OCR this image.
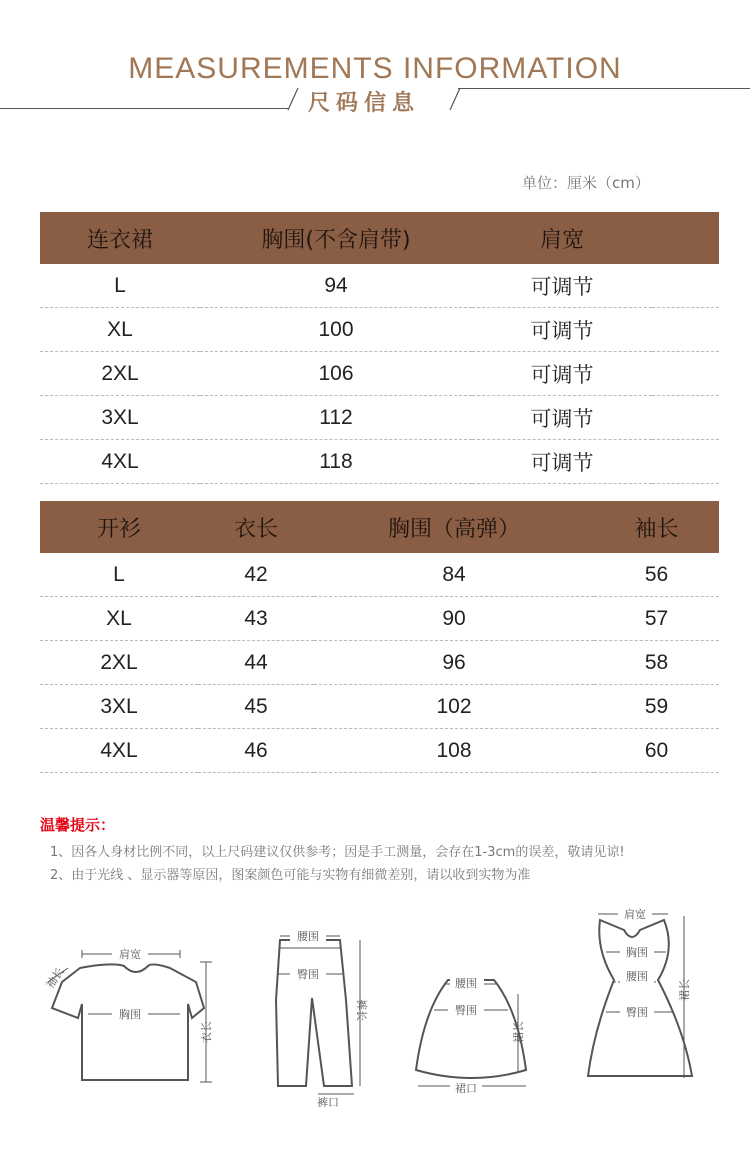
MEASUREMENTS INFORMATION
尺码信息
单位：厘米（cm）
连衣裙	胸围(不含肩带)	肩宽	
L	94	可调节	
XL	100	可调节	
2XL	106	可调节	
3XL	112	可调节	
4XL	118	可调节	
开衫	衣长	胸围（高弹）	袖长
L	42	84	56
XL	43	90	57
2XL	44	96	58
3XL	45	102	59
4XL	46	108	60
温馨提示：
1、因各人身材比例不同，以上尺码建议仅供参考；因是手工测量，会存在1-3cm的误差，敬请见谅!
2、由于光线 、显示器等原因，图案颜色可能与实物有细微差别，请以收到实物为准
肩宽
胸围
衣长
袖长
腰围
臀围
裤长
裤口
腰围
臀围
裙长
裙口
肩宽
胸围
腰围
臀围
裙长
